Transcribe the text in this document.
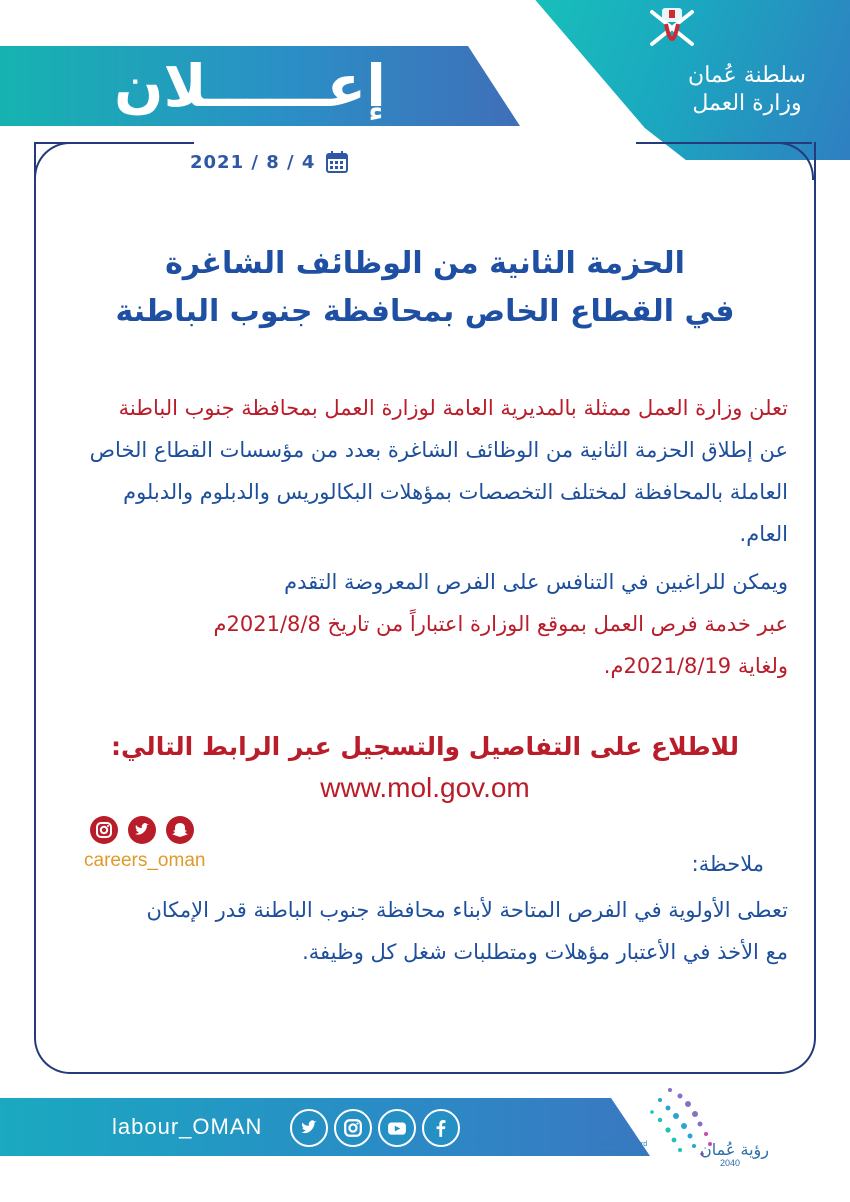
سلطنة عُمان
وزارة العمل
إعــــــلان
2021 / 8 / 4
الحزمة الثانية من الوظائف الشاغرة
في القطاع الخاص بمحافظة جنوب الباطنة
تعلن وزارة العمل ممثلة بالمديرية العامة لوزارة العمل بمحافظة جنوب الباطنة
عن إطلاق الحزمة الثانية من الوظائف الشاغرة بعدد من مؤسسات القطاع الخاص
العاملة بالمحافظة لمختلف التخصصات بمؤهلات البكالوريس والدبلوم والدبلوم
العام.
ويمكن للراغبين في التنافس على الفرص المعروضة التقدم
عبر خدمة فرص العمل بموقع الوزارة اعتباراً من تاريخ 2021/8/8م
ولغاية 2021/8/19م.
للاطلاع على التفاصيل والتسجيل عبر الرابط التالي:
www.mol.gov.om
careers_oman	ملاحظة:
تعطى الأولوية في الفرص المتاحة لأبناء محافظة جنوب الباطنة قدر الإمكان
مع الأخذ في الأعتبار مؤهلات ومتطلبات شغل كل وظيفة.
labour_OMAN
رؤية عُمان
2040
Moving Forward with Confidence
